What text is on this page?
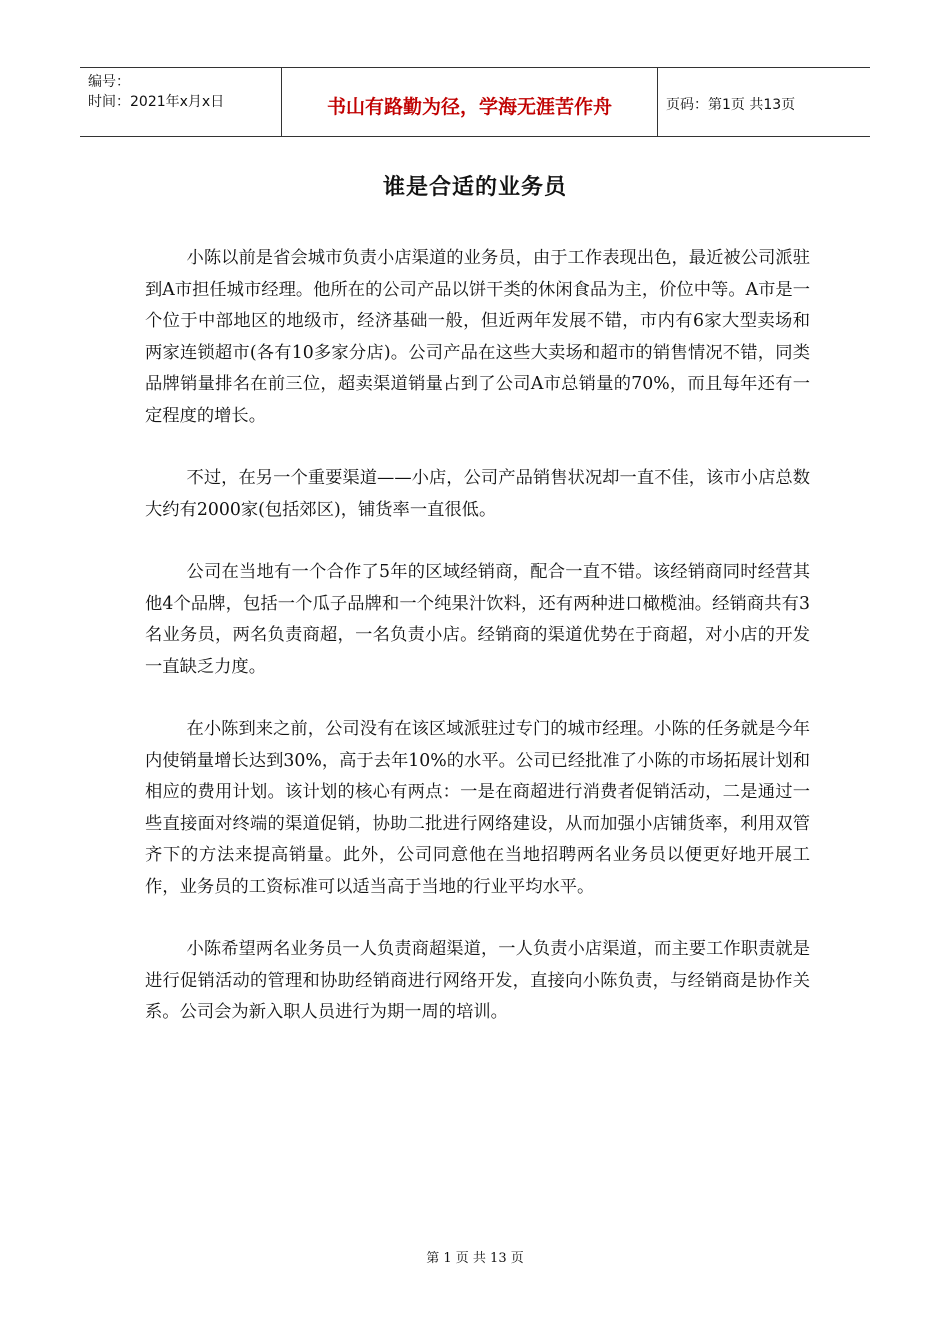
编号：
时间：2021年x月x日	书山有路勤为径，学海无涯苦作舟	页码：第1页 共13页
谁是合适的业务员

小陈以前是省会城市负责小店渠道的业务员，由于工作表现出色，最近被公司派驻到A市担任城市经理。他所在的公司产品以饼干类的休闲食品为主，价位中等。A市是一个位于中部地区的地级市，经济基础一般，但近两年发展不错，市内有6家大型卖场和两家连锁超市(各有10多家分店)。公司产品在这些大卖场和超市的销售情况不错，同类品牌销量排名在前三位，超卖渠道销量占到了公司A市总销量的70%，而且每年还有一定程度的增长。

不过，在另一个重要渠道——小店，公司产品销售状况却一直不佳，该市小店总数大约有2000家(包括郊区)，铺货率一直很低。

公司在当地有一个合作了5年的区域经销商，配合一直不错。该经销商同时经营其他4个品牌，包括一个瓜子品牌和一个纯果汁饮料，还有两种进口橄榄油。经销商共有3名业务员，两名负责商超，一名负责小店。经销商的渠道优势在于商超，对小店的开发一直缺乏力度。

在小陈到来之前，公司没有在该区域派驻过专门的城市经理。小陈的任务就是今年内使销量增长达到30%，高于去年10%的水平。公司已经批准了小陈的市场拓展计划和相应的费用计划。该计划的核心有两点：一是在商超进行消费者促销活动，二是通过一些直接面对终端的渠道促销，协助二批进行网络建设，从而加强小店铺货率，利用双管齐下的方法来提高销量。此外，公司同意他在当地招聘两名业务员以便更好地开展工作，业务员的工资标准可以适当高于当地的行业平均水平。

小陈希望两名业务员一人负责商超渠道，一人负责小店渠道，而主要工作职责就是进行促销活动的管理和协助经销商进行网络开发，直接向小陈负责，与经销商是协作关系。公司会为新入职人员进行为期一周的培训。

第 1 页 共 13 页
